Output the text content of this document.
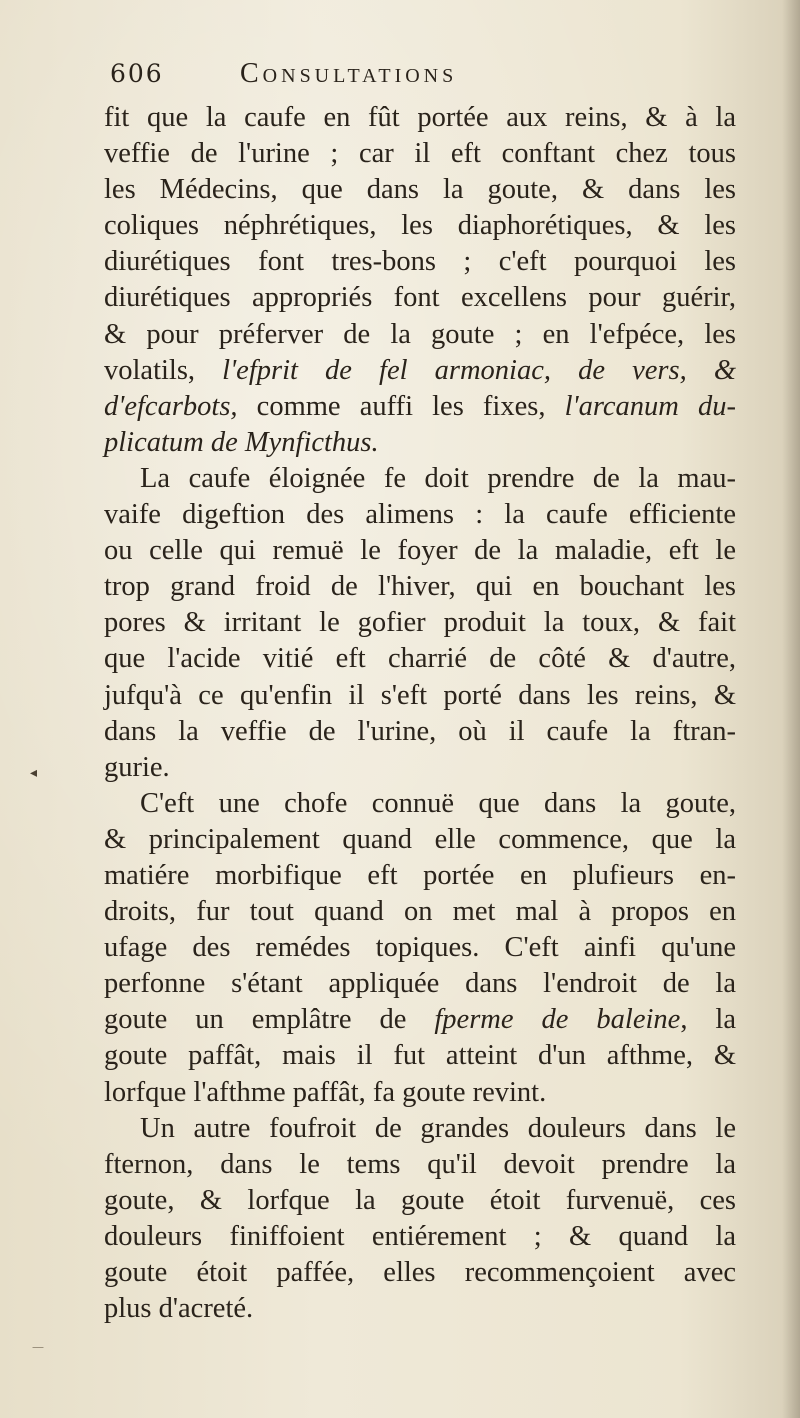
606	Consultations
◂
—
fit que la caufe en fût portée aux reins, & à la
veffie de l'urine ; car il eft conftant chez tous
les Médecins, que dans la goute, & dans les
coliques néphrétiques, les diaphorétiques, & les
diurétiques font tres-bons ; c'eft pourquoi les
diurétiques appropriés font excellens pour guérir,
& pour préferver de la goute ; en l'efpéce, les
volatils, l'efprit de fel armoniac, de vers, &
d'efcarbots, comme auffi les fixes, l'arcanum du-
plicatum de Mynficthus.
La caufe éloignée fe doit prendre de la mau-
vaife digeftion des alimens : la caufe efficiente
ou celle qui remuë le foyer de la maladie, eft le
trop grand froid de l'hiver, qui en bouchant les
pores & irritant le gofier produit la toux, & fait
que l'acide vitié eft charrié de côté & d'autre,
jufqu'à ce qu'enfin il s'eft porté dans les reins, &
dans la veffie de l'urine, où il caufe la ftran-
gurie.
C'eft une chofe connuë que dans la goute,
& principalement quand elle commence, que la
matiére morbifique eft portée en plufieurs en-
droits, fur tout quand on met mal à propos en
ufage des remédes topiques. C'eft ainfi qu'une
perfonne s'étant appliquée dans l'endroit de la
goute un emplâtre de fperme de baleine, la
goute paffât, mais il fut atteint d'un afthme, &
lorfque l'afthme paffât, fa goute revint.
Un autre foufroit de grandes douleurs dans le
fternon, dans le tems qu'il devoit prendre la
goute, & lorfque la goute étoit furvenuë, ces
douleurs finiffoient entiérement ; & quand la
goute étoit paffée, elles recommençoient avec
plus d'acreté.
